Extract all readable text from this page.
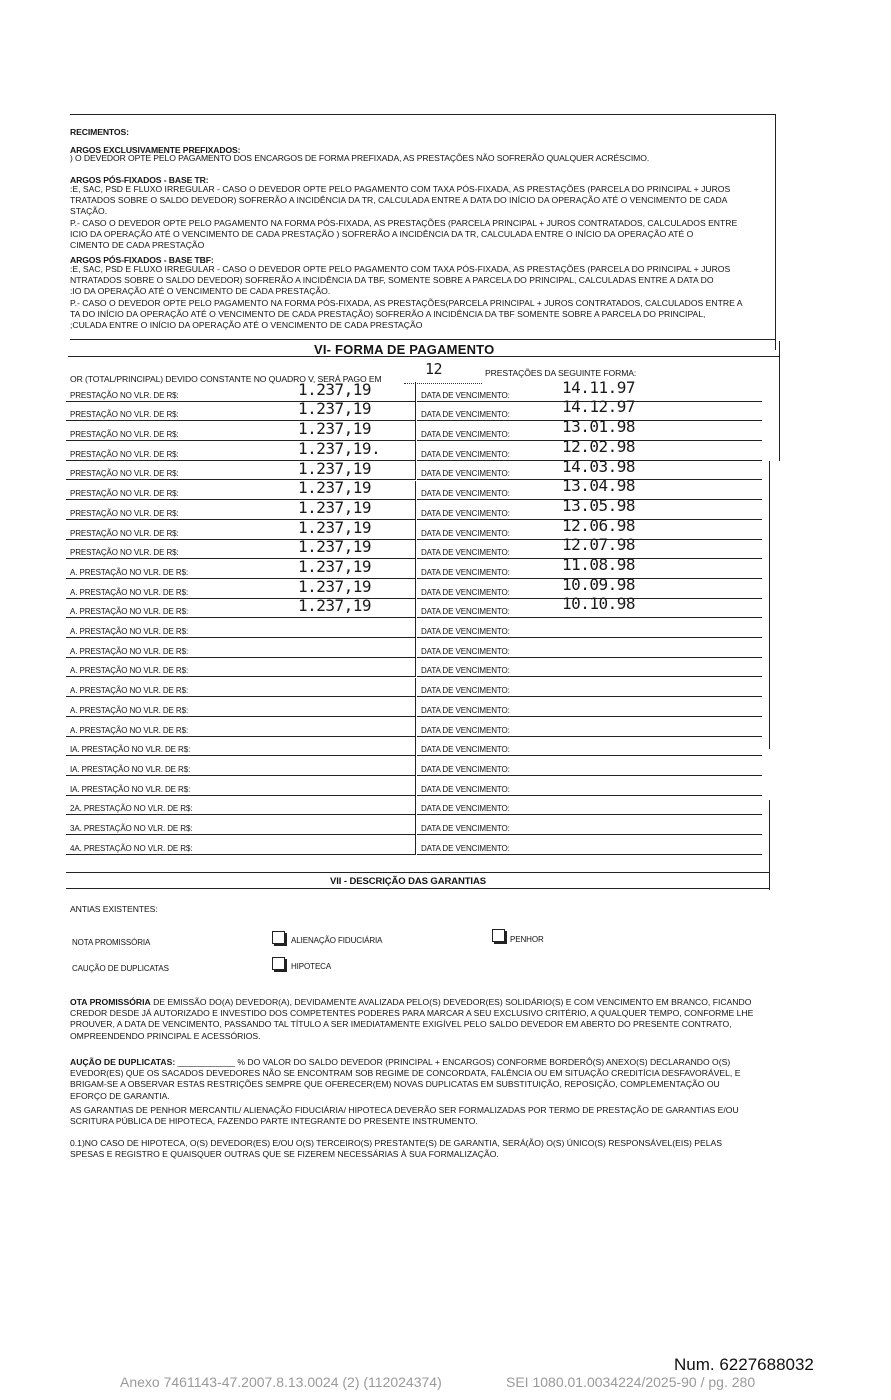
RECIMENTOS:
ARGOS EXCLUSIVAMENTE PREFIXADOS:
) O DEVEDOR OPTE PELO PAGAMENTO DOS ENCARGOS DE FORMA PREFIXADA, AS PRESTAÇÕES NÃO SOFRERÃO QUALQUER ACRÉSCIMO.
ARGOS PÓS-FIXADOS - BASE TR:
:E, SAC, PSD E FLUXO IRREGULAR - CASO O DEVEDOR OPTE PELO PAGAMENTO COM TAXA PÓS-FIXADA, AS PRESTAÇÕES (PARCELA DO PRINCIPAL + JUROS
TRATADOS SOBRE O SALDO DEVEDOR) SOFRERÃO A INCIDÊNCIA DA TR, CALCULADA ENTRE A DATA DO INÍCIO DA OPERAÇÃO ATÉ O VENCIMENTO DE CADA
STAÇÃO.
P.- CASO O DEVEDOR OPTE PELO PAGAMENTO NA FORMA PÓS-FIXADA, AS PRESTAÇÕES (PARCELA PRINCIPAL + JUROS CONTRATADOS, CALCULADOS ENTRE
ICIO DA OPERAÇÃO ATÉ O VENCIMENTO DE CADA PRESTAÇÃO ) SOFRERÃO A INCIDÊNCIA DA TR, CALCULADA ENTRE O INÍCIO DA OPERAÇÃO ATÉ O
CIMENTO DE CADA PRESTAÇÃO
ARGOS PÓS-FIXADOS - BASE TBF:
:E, SAC, PSD E FLUXO IRREGULAR - CASO O DEVEDOR OPTE PELO PAGAMENTO COM TAXA PÓS-FIXADA, AS PRESTAÇÕES (PARCELA DO PRINCIPAL + JUROS
NTRATADOS SOBRE O SALDO DEVEDOR) SOFRERÃO A INCIDÊNCIA DA TBF, SOMENTE SOBRE A PARCELA DO PRINCIPAL, CALCULADAS ENTRE A DATA DO
:IO DA OPERAÇÃO ATÉ O VENCIMENTO DE CADA PRESTAÇÃO.
P.- CASO O DEVEDOR OPTE PELO PAGAMENTO NA FORMA PÓS-FIXADA, AS PRESTAÇÕES(PARCELA PRINCIPAL + JUROS CONTRATADOS, CALCULADOS ENTRE A
TA DO INÍCIO DA OPERAÇÃO ATÉ O VENCIMENTO DE CADA PRESTAÇÃO) SOFRERÃO A INCIDÊNCIA DA TBF SOMENTE SOBRE A PARCELA DO PRINCIPAL,
;CULADA ENTRE O INÍCIO DA OPERAÇÃO ATÉ O VENCIMENTO DE CADA PRESTAÇÃO
VI- FORMA DE PAGAMENTO
OR (TOTAL/PRINCIPAL) DEVIDO CONSTANTE NO QUADRO V, SERÁ PAGO EM
12	PRESTAÇÕES DA SEGUINTE FORMA:
PRESTAÇÃO NO VLR. DE R$:	1.237,19	DATA DE VENCIMENTO:	14.11.97
PRESTAÇÃO NO VLR. DE R$:	1.237,19	DATA DE VENCIMENTO:	14.12.97
PRESTAÇÃO NO VLR. DE R$:	1.237,19	DATA DE VENCIMENTO:	13.01.98
PRESTAÇÃO NO VLR. DE R$:	1.237,19.	DATA DE VENCIMENTO:	12.02.98
PRESTAÇÃO NO VLR. DE R$:	1.237,19	DATA DE VENCIMENTO:	14.03.98
PRESTAÇÃO NO VLR. DE R$:	1.237,19	DATA DE VENCIMENTO:	13.04.98
PRESTAÇÃO NO VLR. DE R$:	1.237,19	DATA DE VENCIMENTO:	13.05.98
PRESTAÇÃO NO VLR. DE R$:	1.237,19	DATA DE VENCIMENTO:	12.06.98
PRESTAÇÃO NO VLR. DE R$:	1.237,19	DATA DE VENCIMENTO:	12.07.98
A. PRESTAÇÃO NO VLR. DE R$:	1.237,19	DATA DE VENCIMENTO:	11.08.98
A. PRESTAÇÃO NO VLR. DE R$:	1.237,19	DATA DE VENCIMENTO:	10.09.98
A. PRESTAÇÃO NO VLR. DE R$:	1.237,19	DATA DE VENCIMENTO:	10.10.98
A. PRESTAÇÃO NO VLR. DE R$:	DATA DE VENCIMENTO:
A. PRESTAÇÃO NO VLR. DE R$:	DATA DE VENCIMENTO:
A. PRESTAÇÃO NO VLR. DE R$:	DATA DE VENCIMENTO:
A. PRESTAÇÃO NO VLR. DE R$:	DATA DE VENCIMENTO:
A. PRESTAÇÃO NO VLR. DE R$:	DATA DE VENCIMENTO:
A. PRESTAÇÃO NO VLR. DE R$:	DATA DE VENCIMENTO:
IA. PRESTAÇÃO NO VLR. DE R$:	DATA DE VENCIMENTO:
IA. PRESTAÇÃO NO VLR. DE R$:	DATA DE VENCIMENTO:
IA. PRESTAÇÃO NO VLR. DE R$:	DATA DE VENCIMENTO:
2A. PRESTAÇÃO NO VLR. DE R$:	DATA DE VENCIMENTO:
3A. PRESTAÇÃO NO VLR. DE R$:	DATA DE VENCIMENTO:
4A. PRESTAÇÃO NO VLR. DE R$:	DATA DE VENCIMENTO:
VII - DESCRIÇÃO DAS GARANTIAS
ANTIAS EXISTENTES:
NOTA PROMISSÓRIA	ALIENAÇÃO FIDUCIÁRIA	PENHOR
CAUÇÃO DE DUPLICATAS	HIPOTECA
OTA PROMISSÓRIA DE EMISSÃO DO(A) DEVEDOR(A), DEVIDAMENTE AVALIZADA PELO(S) DEVEDOR(ES) SOLIDÁRIO(S) E COM VENCIMENTO EM BRANCO, FICANDO
CREDOR DESDE JÁ AUTORIZADO E INVESTIDO DOS COMPETENTES PODERES PARA MARCAR A SEU EXCLUSIVO CRITÉRIO, A QUALQUER TEMPO, CONFORME LHE
PROUVER, A DATA DE VENCIMENTO, PASSANDO TAL TÍTULO A SER IMEDIATAMENTE EXIGÍVEL PELO SALDO DEVEDOR EM ABERTO DO PRESENTE CONTRATO,
OMPREENDENDO PRINCIPAL E ACESSÓRIOS.
AUÇÃO DE DUPLICATAS: ____________ % DO VALOR DO SALDO DEVEDOR (PRINCIPAL + ENCARGOS) CONFORME BORDERÔ(S) ANEXO(S) DECLARANDO O(S)
EVEDOR(ES) QUE OS SACADOS DEVEDORES NÃO SE ENCONTRAM SOB REGIME DE CONCORDATA, FALÊNCIA OU EM SITUAÇÃO CREDITÍCIA DESFAVORÁVEL, E
BRIGAM-SE A OBSERVAR ESTAS RESTRIÇÕES SEMPRE QUE OFERECER(EM) NOVAS DUPLICATAS EM SUBSTITUIÇÃO, REPOSIÇÃO, COMPLEMENTAÇÃO OU
EFORÇO DE GARANTIA.
AS GARANTIAS DE PENHOR MERCANTIL/ ALIENAÇÃO FIDUCIÁRIA/ HIPOTECA DEVERÃO SER FORMALIZADAS POR TERMO DE PRESTAÇÃO DE GARANTIAS E/OU
SCRITURA PÚBLICA DE HIPOTECA, FAZENDO PARTE INTEGRANTE DO PRESENTE INSTRUMENTO.
0.1)NO CASO DE HIPOTECA, O(S) DEVEDOR(ES) E/OU O(S) TERCEIRO(S) PRESTANTE(S) DE GARANTIA, SERÁ(ÃO) O(S) ÚNICO(S) RESPONSÁVEL(EIS) PELAS
SPESAS E REGISTRO E QUAISQUER OUTRAS QUE SE FIZEREM NECESSÁRIAS À SUA FORMALIZAÇÃO.
Num. 6227688032
Anexo 7461143-47.2007.8.13.0024 (2) (112024374)	SEI 1080.01.0034224/2025-90 / pg. 280
